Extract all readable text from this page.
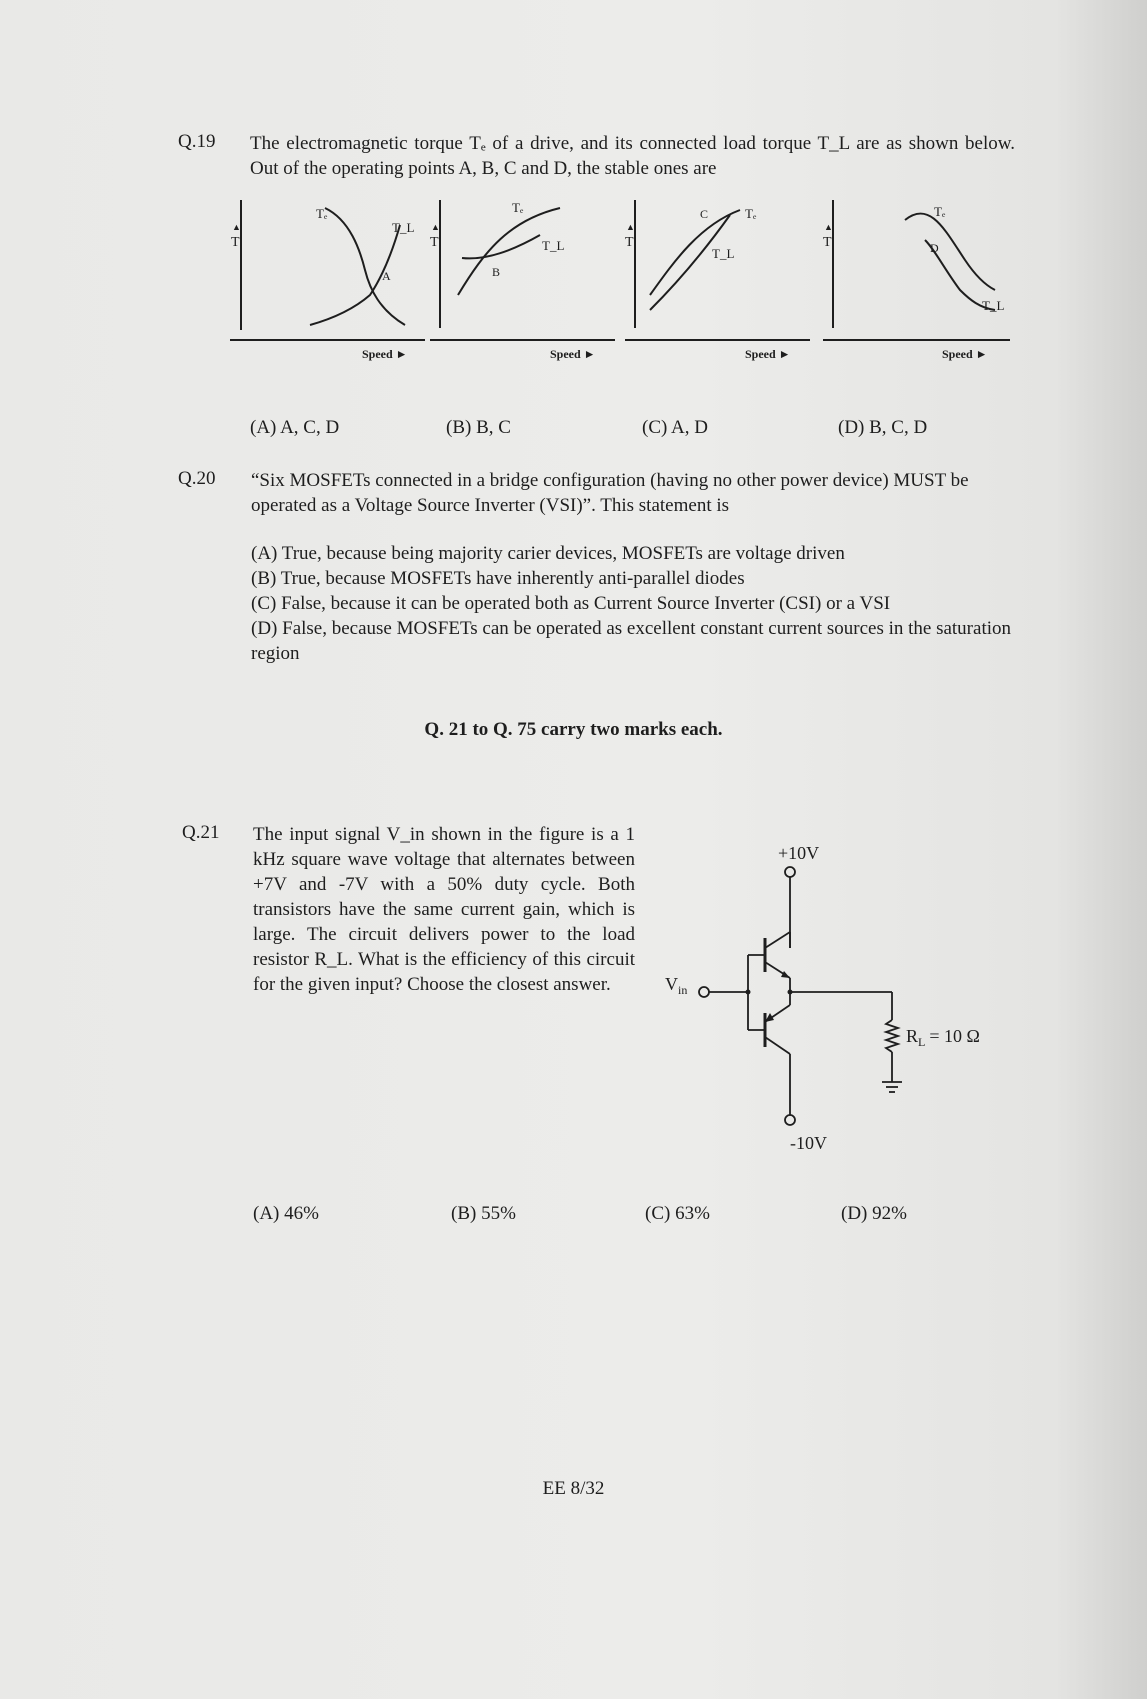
Q.19 The electromagnetic torque Tₑ of a drive, and its connected load torque T_L are as shown below. Out of the operating points A, B, C and D, the stable ones are
▲
T
Speed ►
Tₑ
T_L
A
▲
T
Speed ►
Tₑ
T_L
B
▲
T
Speed ►
Tₑ
T_L
C
▲
T
Speed ►
Tₑ
T_L
D
(A) A, C, D	(B) B, C	(C) A, D	(D) B, C, D
Q.20 “Six MOSFETs connected in a bridge configuration (having no other power device) MUST be operated as a Voltage Source Inverter (VSI)”. This statement is
(A) True, because being majority carier devices, MOSFETs are voltage driven
(B) True, because MOSFETs have inherently anti-parallel diodes
(C) False, because it can be operated both as Current Source Inverter (CSI) or a VSI
(D) False, because MOSFETs can be operated as excellent constant current sources in the saturation region
Q. 21 to Q. 75 carry two marks each.
Q.21 The input signal V_in shown in the figure is a 1 kHz square wave voltage that alternates between +7V and -7V with a 50% duty cycle. Both transistors have the same current gain, which is large. The circuit delivers power to the load resistor R_L. What is the efficiency of this circuit for the given input? Choose the closest answer.
+10V
$V_{in}$
$R_L = 10$ Ω
-10V
(A) 46%	(B) 55%	(C) 63%	(D) 92%
EE 8/32
